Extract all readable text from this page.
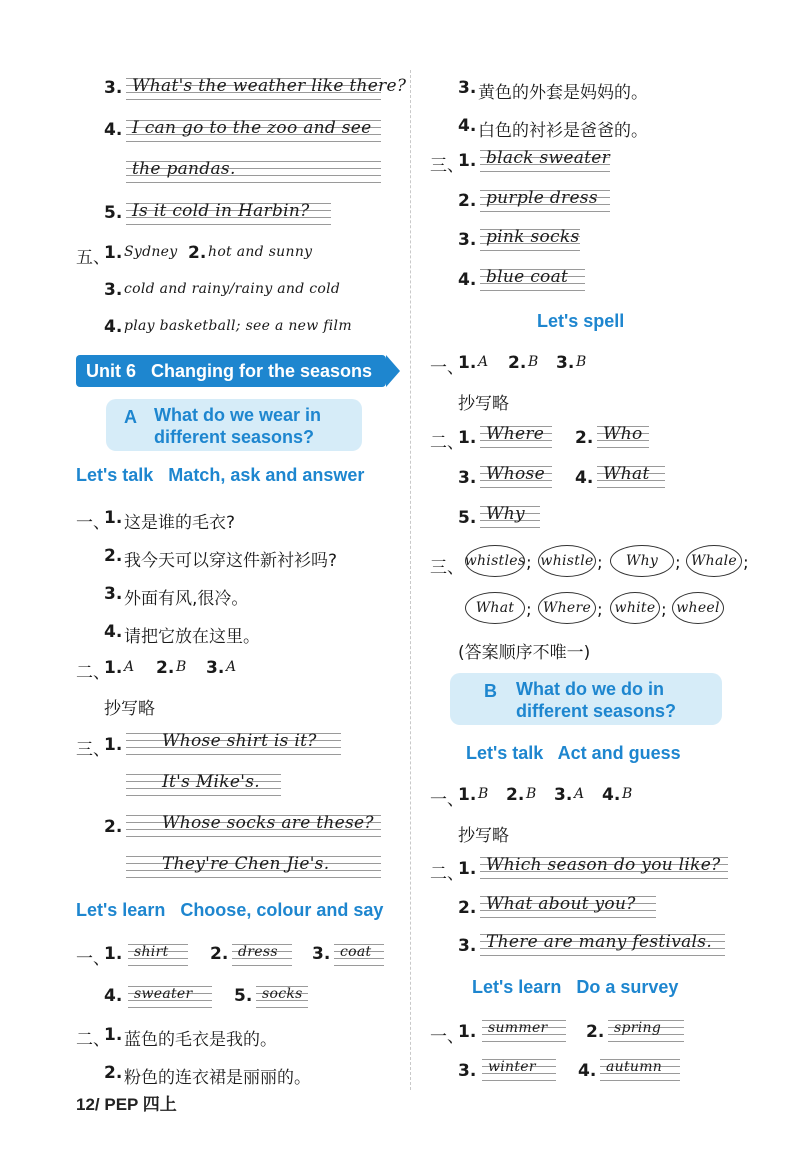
3. What's the weather like there?
4. I can go to the zoo and see
the pandas.
5. Is it cold in Harbin?
五、
1. Sydney 2. hot and sunny
3. cold and rainy/rainy and cold
4. play basketball; see a new film
Unit 6   Changing for the seasons
A What do we wear in
different seasons?
Let's talk   Match, ask and answer
一、
1. 这是谁的毛衣?
2. 我今天可以穿这件新衬衫吗?
3. 外面有风,很冷。
4. 请把它放在这里。
二、
1. A 2. B 3. A
抄写略
三、
1. Whose shirt is it?
It's Mike's.
2. Whose socks are these?
They're Chen Jie's.
Let's learn   Choose, colour and say
一、
1. shirt 2. dress 3. coat
4. sweater 5. socks
二、
1. 蓝色的毛衣是我的。
2. 粉色的连衣裙是丽丽的。
3. 黄色的外套是妈妈的。
4. 白色的衬衫是爸爸的。
三、
1. black sweater
2. purple dress
3. pink socks
4. blue coat
Let's spell
一、
1. A 2. B 3. B
抄写略
二、
1. Where 2. Who
3. Whose 4. What
5. Why
三、 whistles ; whistle ; Why ; Whale ;
What ; Where ; white ; wheel
(答案顺序不唯一)
B What do we do in
different seasons?
Let's talk   Act and guess
一、
1. B 2. B 3. A 4. B
抄写略
二、
1. Which season do you like?
2. What about you?
3. There are many festivals.
Let's learn   Do a survey
一、
1. summer 2. spring
3. winter 4. autumn
12/ PEP 四上
